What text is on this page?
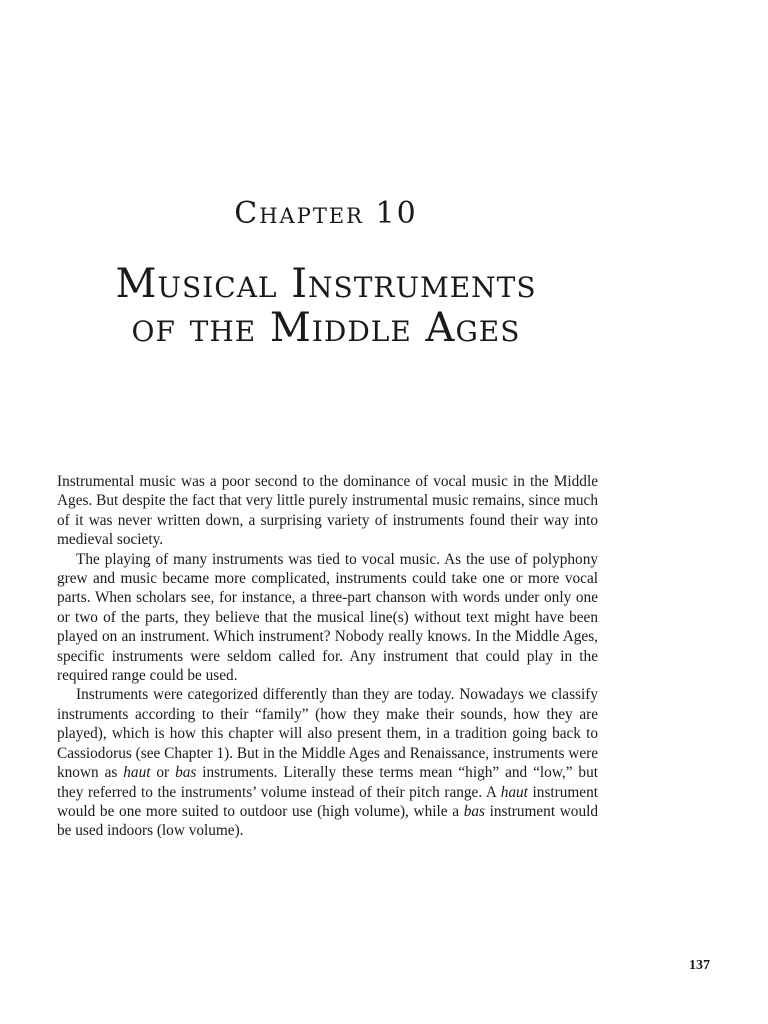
Chapter 10
Musical Instruments
of the Middle Ages

Instrumental music was a poor second to the dominance of vocal music in the Middle Ages. But despite the fact that very little purely instrumental music remains, since much of it was never written down, a surprising variety of instruments found their way into medieval society.

The playing of many instruments was tied to vocal music. As the use of polyphony grew and music became more complicated, instruments could take one or more vocal parts. When scholars see, for instance, a three-part chanson with words under only one or two of the parts, they believe that the musical line(s) without text might have been played on an instrument. Which instrument? Nobody really knows. In the Middle Ages, specific instruments were seldom called for. Any instrument that could play in the required range could be used.

Instruments were categorized differently than they are today. Nowadays we classify instruments according to their “family” (how they make their sounds, how they are played), which is how this chapter will also present them, in a tradition going back to Cassiodorus (see Chapter 1). But in the Middle Ages and Renaissance, instruments were known as haut or bas instruments. Literally these terms mean “high” and “low,” but they referred to the instruments’ volume instead of their pitch range. A haut instrument would be one more suited to outdoor use (high volume), while a bas instrument would be used indoors (low volume).

137
